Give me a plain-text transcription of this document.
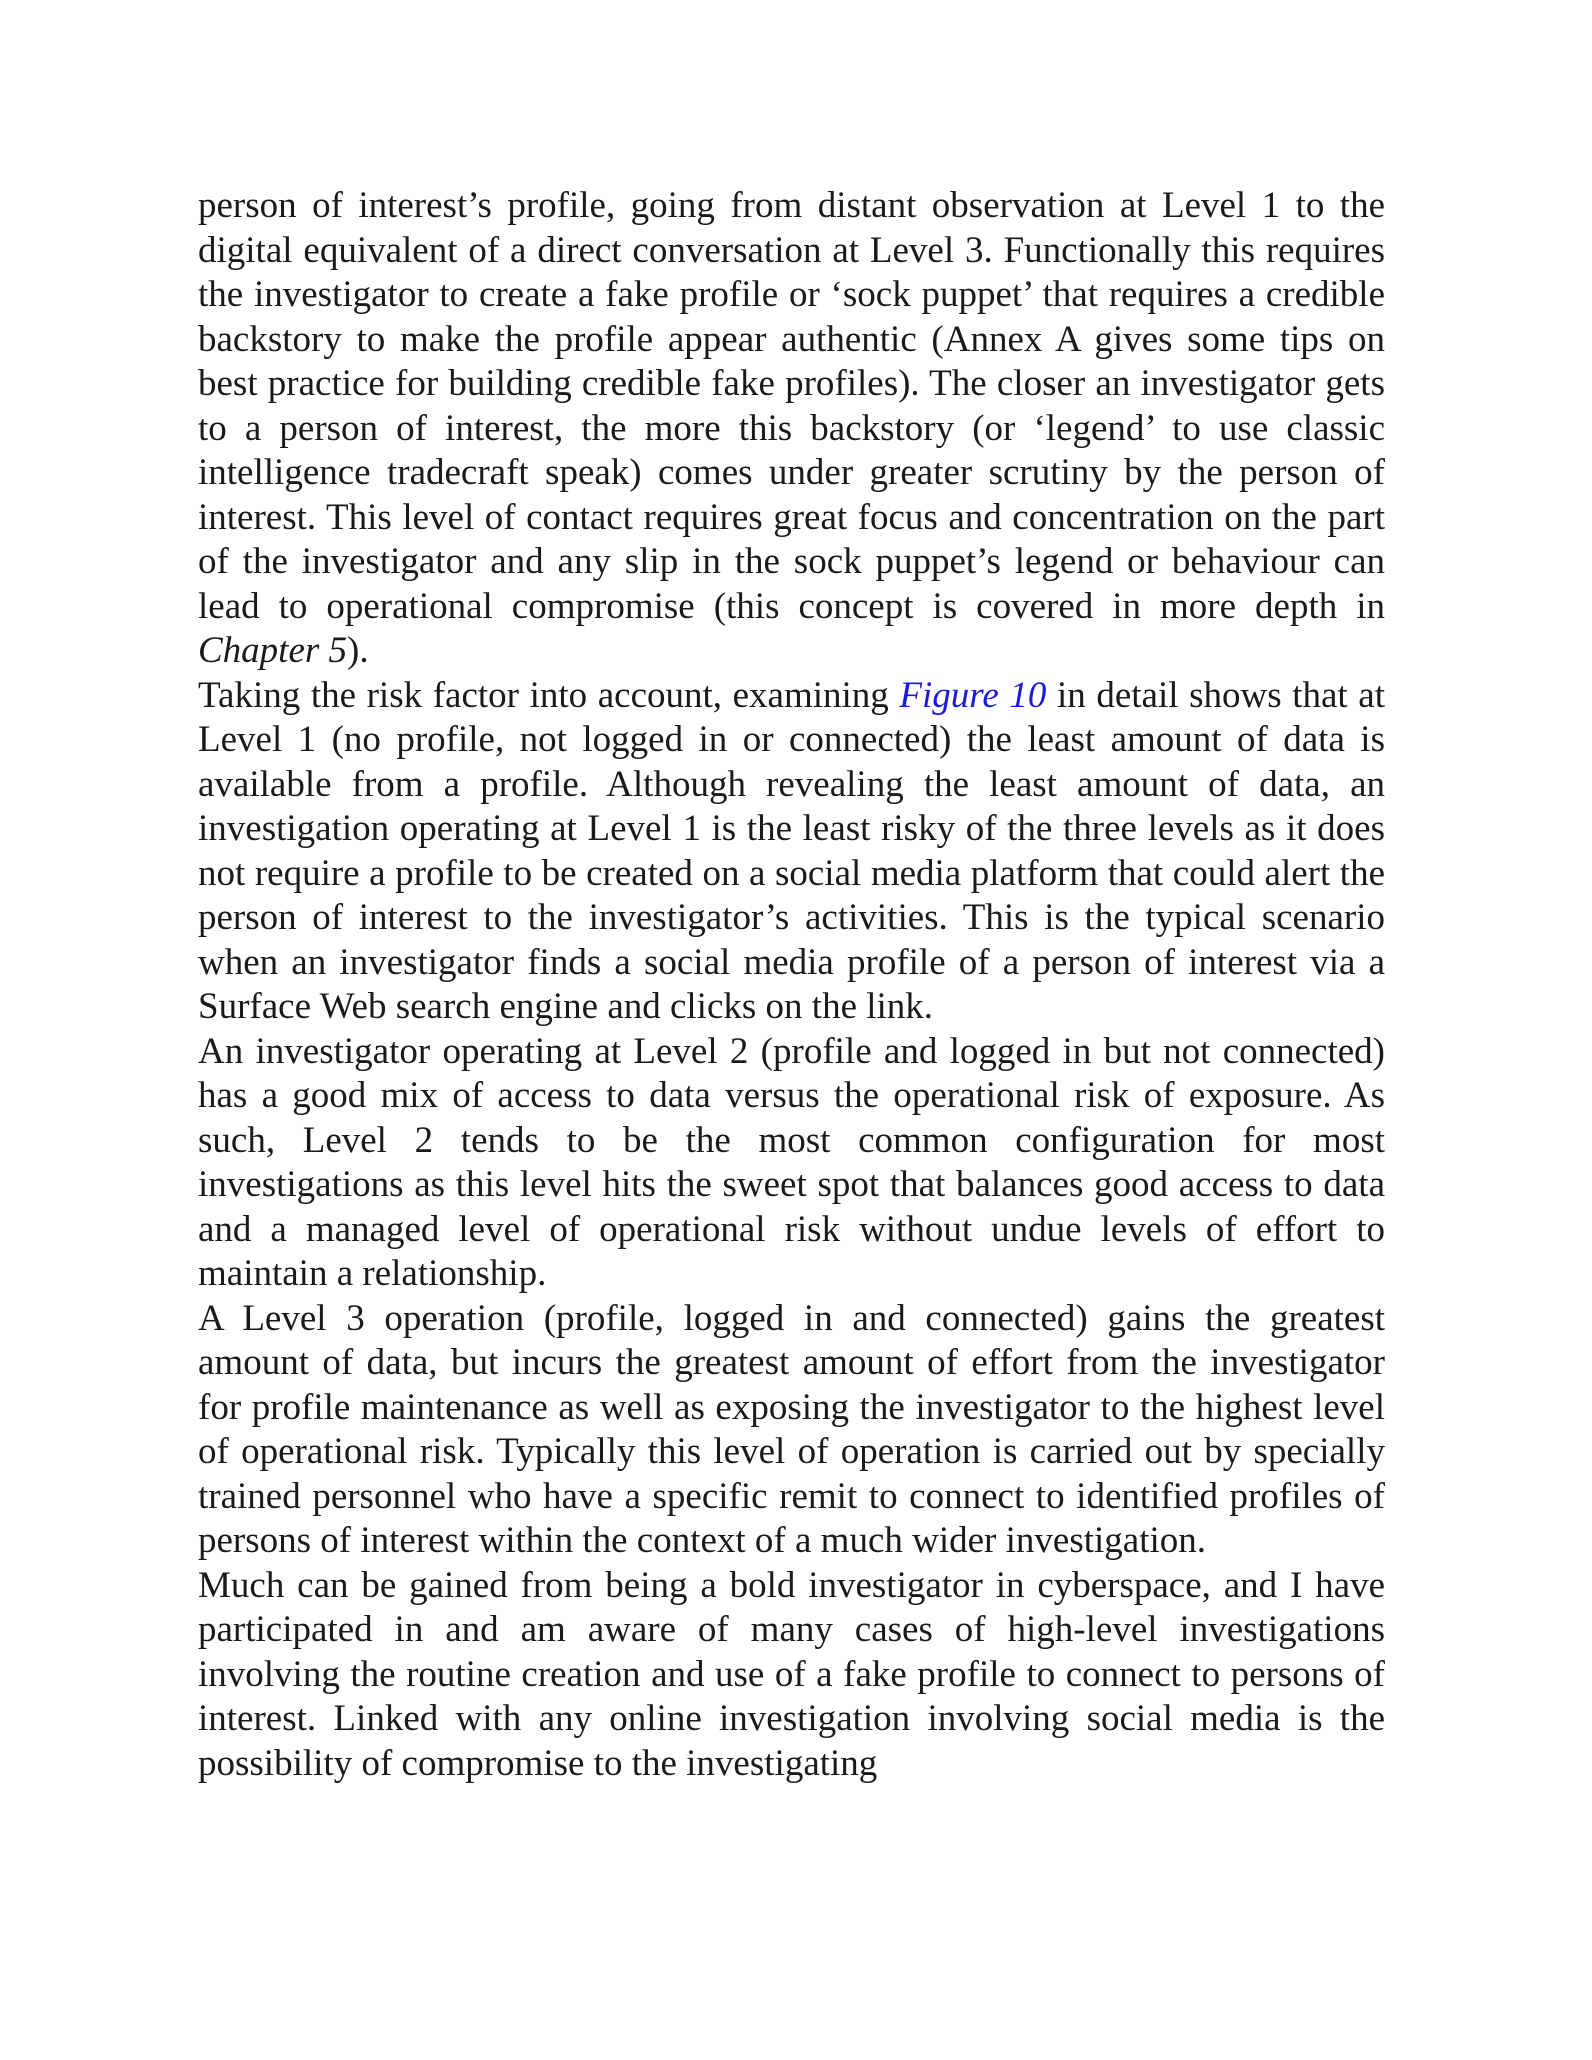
person of interest’s profile, going from distant observation at Level 1 to the digital equivalent of a direct conversation at Level 3. Functionally this requires the investigator to create a fake profile or ‘sock puppet’ that requires a credible backstory to make the profile appear authentic (Annex A gives some tips on best practice for building credible fake profiles). The closer an investigator gets to a person of interest, the more this backstory (or ‘legend’ to use classic intelligence tradecraft speak) comes under greater scrutiny by the person of interest. This level of contact requires great focus and concentration on the part of the investigator and any slip in the sock puppet’s legend or behaviour can lead to operational compromise (this concept is covered in more depth in Chapter 5).

Taking the risk factor into account, examining Figure 10 in detail shows that at Level 1 (no profile, not logged in or connected) the least amount of data is available from a profile. Although revealing the least amount of data, an investigation operating at Level 1 is the least risky of the three levels as it does not require a profile to be created on a social media platform that could alert the person of interest to the investigator’s activities. This is the typical scenario when an investigator finds a social media profile of a person of interest via a Surface Web search engine and clicks on the link.

An investigator operating at Level 2 (profile and logged in but not connected) has a good mix of access to data versus the operational risk of exposure. As such, Level 2 tends to be the most common configuration for most investigations as this level hits the sweet spot that balances good access to data and a managed level of operational risk without undue levels of effort to maintain a relationship.

A Level 3 operation (profile, logged in and connected) gains the greatest amount of data, but incurs the greatest amount of effort from the investigator for profile maintenance as well as exposing the investigator to the highest level of operational risk. Typically this level of operation is carried out by specially trained personnel who have a specific remit to connect to identified profiles of persons of interest within the context of a much wider investigation.

Much can be gained from being a bold investigator in cyberspace, and I have participated in and am aware of many cases of high-level investigations involving the routine creation and use of a fake profile to connect to persons of interest. Linked with any online investigation involving social media is the possibility of compromise to the investigating
